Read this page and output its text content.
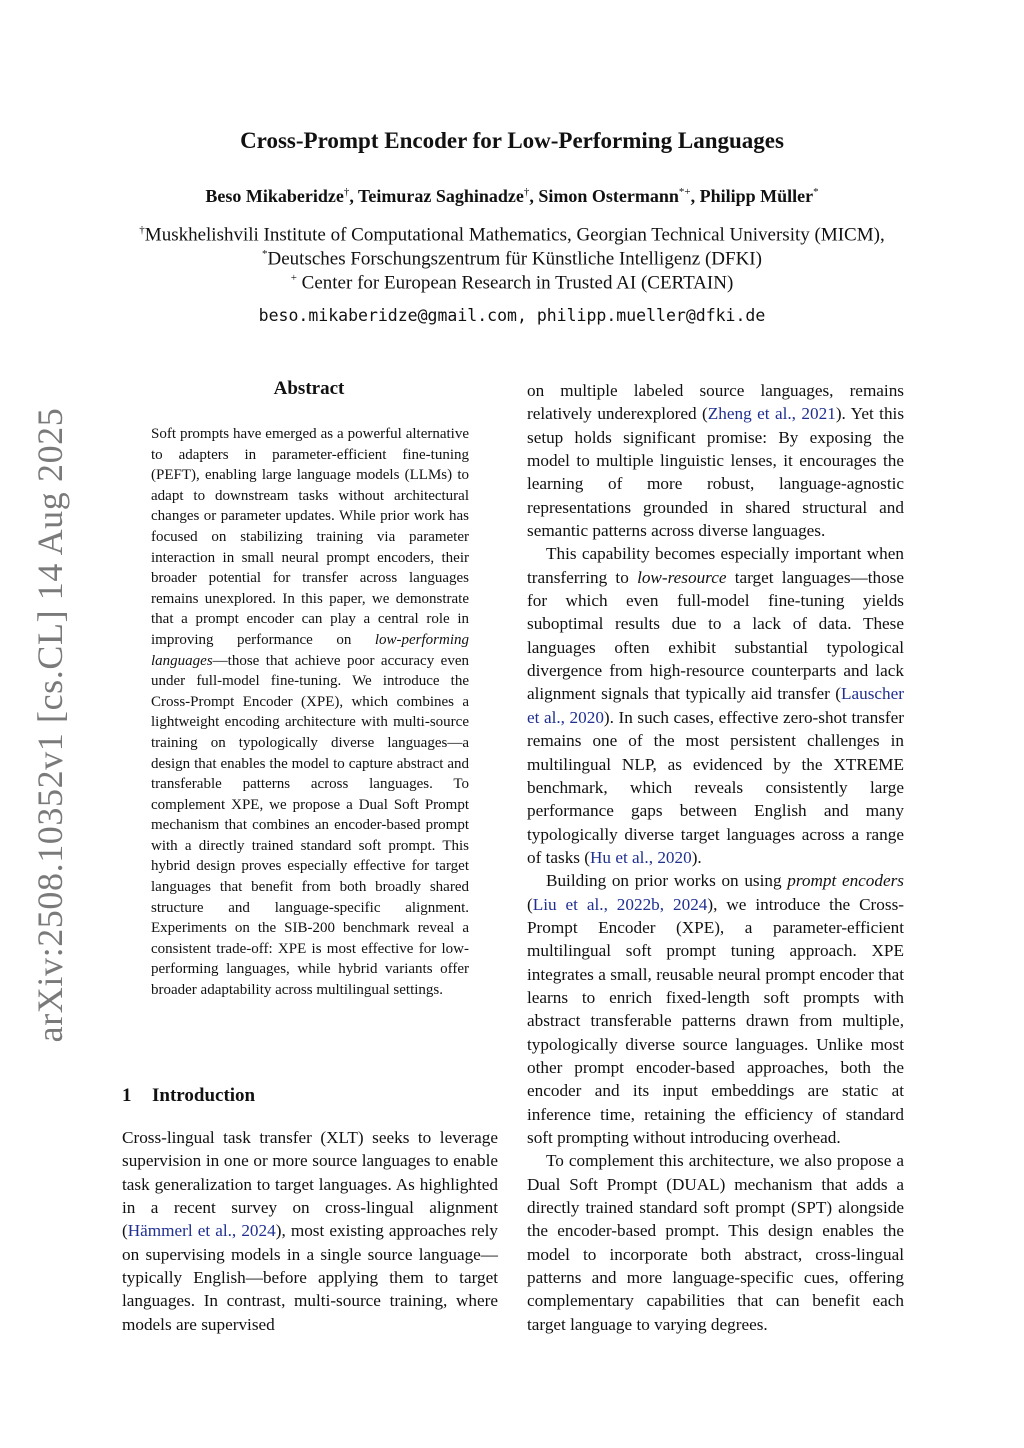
arXiv:2508.10352v1 [cs.CL] 14 Aug 2025
Cross-Prompt Encoder for Low-Performing Languages
Beso Mikaberidze†, Teimuraz Saghinadze†, Simon Ostermann*+, Philipp Müller*
†Muskhelishvili Institute of Computational Mathematics, Georgian Technical University (MICM),
*Deutsches Forschungszentrum für Künstliche Intelligenz (DFKI)
+ Center for European Research in Trusted AI (CERTAIN)
beso.mikaberidze@gmail.com, philipp.mueller@dfki.de
Abstract

Soft prompts have emerged as a powerful alternative to adapters in parameter-efficient fine-tuning (PEFT), enabling large language models (LLMs) to adapt to downstream tasks without architectural changes or parameter updates. While prior work has focused on stabilizing training via parameter interaction in small neural prompt encoders, their broader potential for transfer across languages remains unexplored. In this paper, we demonstrate that a prompt encoder can play a central role in improving performance on low-performing languages—those that achieve poor accuracy even under full-model fine-tuning. We introduce the Cross-Prompt Encoder (XPE), which combines a lightweight encoding architecture with multi-source training on typologically diverse languages—a design that enables the model to capture abstract and transferable patterns across languages. To complement XPE, we propose a Dual Soft Prompt mechanism that combines an encoder-based prompt with a directly trained standard soft prompt. This hybrid design proves especially effective for target languages that benefit from both broadly shared structure and language-specific alignment. Experiments on the SIB-200 benchmark reveal a consistent trade-off: XPE is most effective for low-performing languages, while hybrid variants offer broader adaptability across multilingual settings.

1 Introduction

Cross-lingual task transfer (XLT) seeks to leverage supervision in one or more source languages to enable task generalization to target languages. As highlighted in a recent survey on cross-lingual alignment (Hämmerl et al., 2024), most existing approaches rely on supervising models in a single source language—typically English—before applying them to target languages. In contrast, multi-source training, where models are supervised

on multiple labeled source languages, remains relatively underexplored (Zheng et al., 2021). Yet this setup holds significant promise: By exposing the model to multiple linguistic lenses, it encourages the learning of more robust, language-agnostic representations grounded in shared structural and semantic patterns across diverse languages.

This capability becomes especially important when transferring to low-resource target languages—those for which even full-model fine-tuning yields suboptimal results due to a lack of data. These languages often exhibit substantial typological divergence from high-resource counterparts and lack alignment signals that typically aid transfer (Lauscher et al., 2020). In such cases, effective zero-shot transfer remains one of the most persistent challenges in multilingual NLP, as evidenced by the XTREME benchmark, which reveals consistently large performance gaps between English and many typologically diverse target languages across a range of tasks (Hu et al., 2020).

Building on prior works on using prompt encoders (Liu et al., 2022b, 2024), we introduce the Cross-Prompt Encoder (XPE), a parameter-efficient multilingual soft prompt tuning approach. XPE integrates a small, reusable neural prompt encoder that learns to enrich fixed-length soft prompts with abstract transferable patterns drawn from multiple, typologically diverse source languages. Unlike most other prompt encoder-based approaches, both the encoder and its input embeddings are static at inference time, retaining the efficiency of standard soft prompting without introducing overhead.

To complement this architecture, we also propose a Dual Soft Prompt (DUAL) mechanism that adds a directly trained standard soft prompt (SPT) alongside the encoder-based prompt. This design enables the model to incorporate both abstract, cross-lingual patterns and more language-specific cues, offering complementary capabilities that can benefit each target language to varying degrees.
